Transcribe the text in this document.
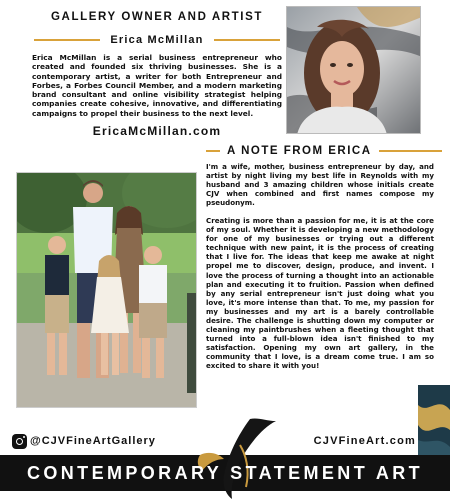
GALLERY OWNER AND ARTIST
Erica McMillan
Erica McMillan is a serial business entrepreneur who created and founded six thriving businesses. She is a contemporary artist, a writer for both Entrepreneur and Forbes, a Forbes Council Member, and a modern marketing brand consultant and online visibility strategist helping companies create cohesive, innovative, and differentiating campaigns to propel their business to the next level.
EricaMcMillan.com
A NOTE FROM ERICA

I'm a wife, mother, business entrepreneur by day, and artist by night living my best life in Reynolds with my husband and 3 amazing children whose initials create CJV when combined and first names compose my pseudonym.

Creating is more than a passion for me, it is at the core of my soul. Whether it is developing a new methodology for one of my businesses or trying out a different technique with new paint, it is the process of creating that I live for. The ideas that keep me awake at night propel me to discover, design, produce, and invent. I love the process of turning a thought into an actionable plan and executing it to fruition. Passion when defined by any serial entrepreneur isn't just doing what you love, it's more intense than that. To me, my passion for my businesses and my art is a barely controllable desire. The challenge is shutting down my computer or cleaning my paintbrushes when a fleeting thought that turned into a full-blown idea isn't finished to my satisfaction. Opening my own art gallery, in the community that I love, is a dream come true. I am so excited to share it with you!

@CJVFineArtGallery	CJVFineArt.com
CONTEMPORARY STATEMENT ART
